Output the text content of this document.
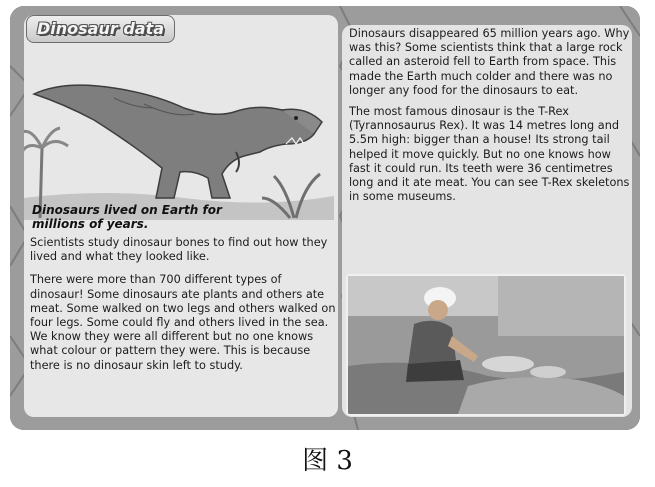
Dinosaur data
Dinosaurs lived on Earth for millions of years.

Scientists study dinosaur bones to find out how they lived and what they looked like.

There were more than 700 different types of dinosaur! Some dinosaurs ate plants and others ate meat. Some walked on two legs and others walked on four legs. Some could fly and others lived in the sea. We know they were all different but no one knows what colour or pattern they were. This is because there is no dinosaur skin left to study.

Dinosaurs disappeared 65 million years ago. Why was this? Some scientists think that a large rock called an asteroid fell to Earth from space. This made the Earth much colder and there was no longer any food for the dinosaurs to eat.

The most famous dinosaur is the T-Rex (Tyrannosaurus Rex). It was 14 metres long and 5.5m high: bigger than a house! Its strong tail helped it move quickly. But no one knows how fast it could run. Its teeth were 36 centimetres long and it ate meat. You can see T-Rex skeletons in some museums.

图 3
